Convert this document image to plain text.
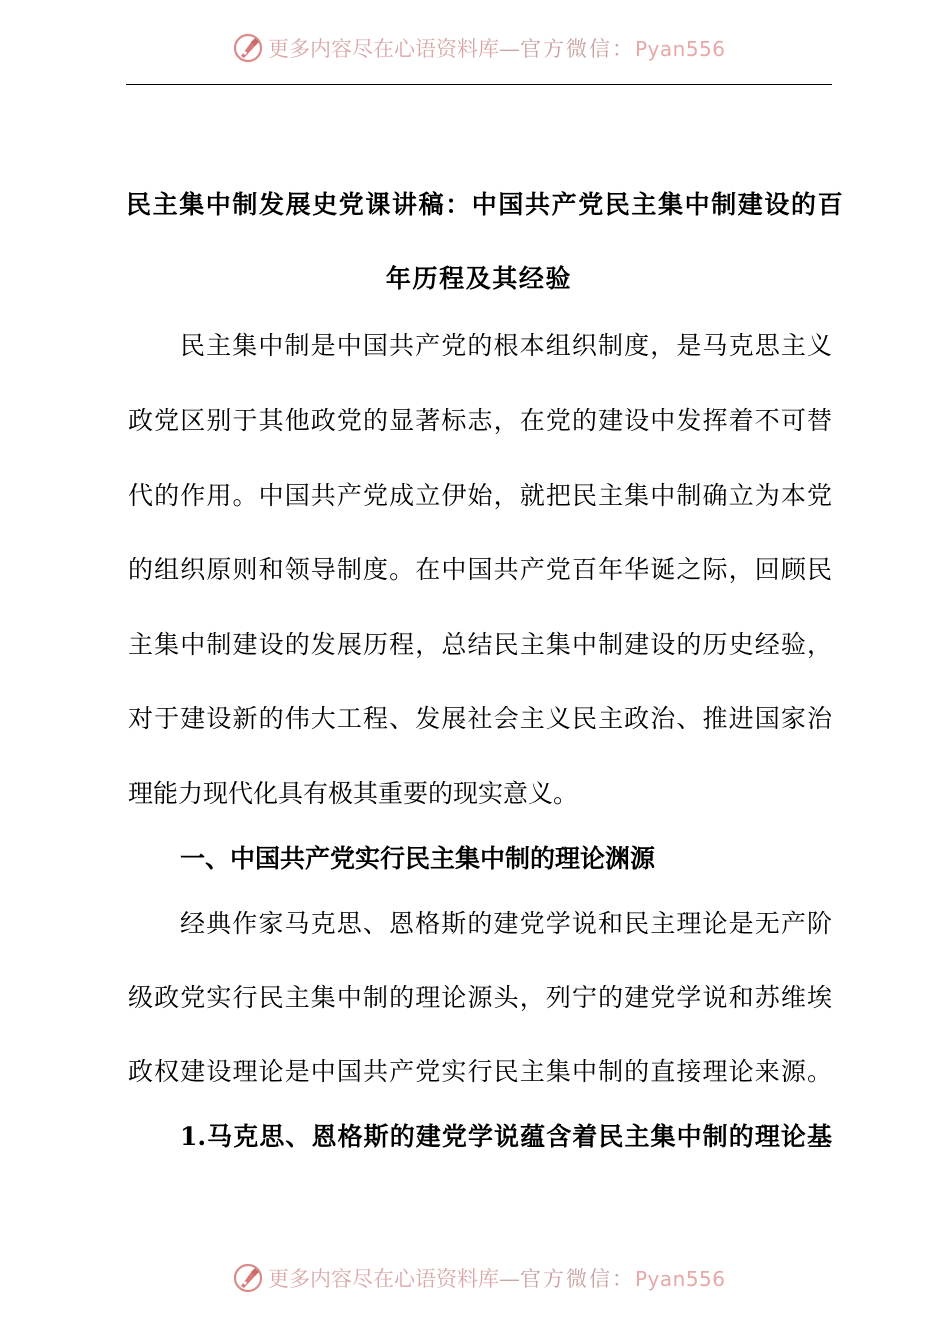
更多内容尽在心语资料库—官方微信：Pyan556
民主集中制发展史党课讲稿：中国共产党民主集中制建设的百
年历程及其经验
民主集中制是中国共产党的根本组织制度，是马克思主义
政党区别于其他政党的显著标志，在党的建设中发挥着不可替
代的作用。中国共产党成立伊始，就把民主集中制确立为本党
的组织原则和领导制度。在中国共产党百年华诞之际，回顾民
主集中制建设的发展历程，总结民主集中制建设的历史经验，
对于建设新的伟大工程、发展社会主义民主政治、推进国家治
理能力现代化具有极其重要的现实意义。
一、中国共产党实行民主集中制的理论渊源
经典作家马克思、恩格斯的建党学说和民主理论是无产阶
级政党实行民主集中制的理论源头，列宁的建党学说和苏维埃
政权建设理论是中国共产党实行民主集中制的直接理论来源。
1.马克思、恩格斯的建党学说蕴含着民主集中制的理论基
更多内容尽在心语资料库—官方微信：Pyan556
